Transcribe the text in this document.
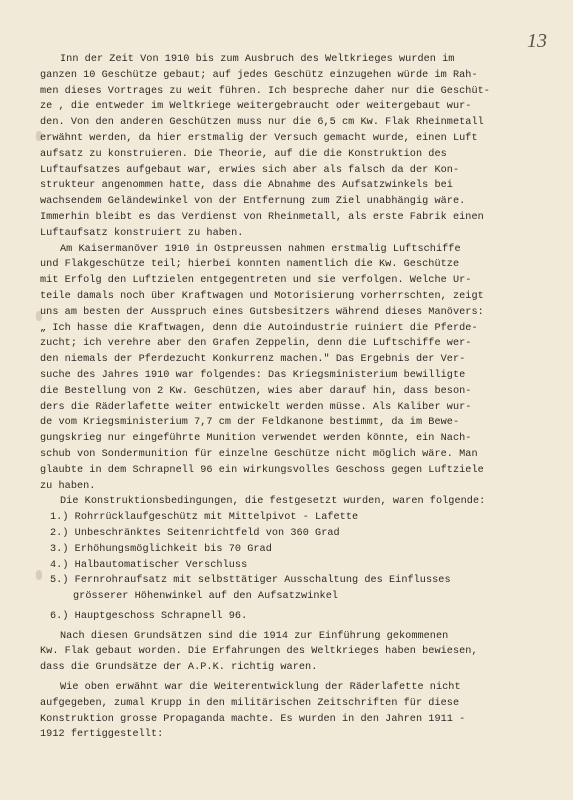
13
Inn der Zeit Von 1910 bis zum Ausbruch des Weltkrieges wurden im
ganzen 10 Geschütze gebaut; auf jedes Geschütz einzugehen würde im Rah-
men dieses Vortrages zu weit führen. Ich bespreche daher nur die Geschüt-
ze , die entweder im Weltkriege weitergebraucht oder weitergebaut wur-
den. Von den anderen Geschützen muss nur die 6,5 cm Kw. Flak Rheinmetall
erwähnt werden, da hier erstmalig der Versuch gemacht wurde, einen Luft
aufsatz zu konstruieren. Die Theorie, auf die die Konstruktion des
Luftaufsatzes aufgebaut war, erwies sich aber als falsch da der Kon-
strukteur angenommen hatte, dass die Abnahme des Aufsatzwinkels bei
wachsendem Geländewinkel von der Entfernung zum Ziel unabhängig wäre.
Immerhin bleibt es das Verdienst von Rheinmetall, als erste Fabrik einen
Luftaufsatz konstruiert zu haben.
Am Kaisermanöver 1910 in Ostpreussen nahmen erstmalig Luftschiffe
und Flakgeschütze teil; hierbei konnten namentlich die Kw. Geschütze
mit Erfolg den Luftzielen entgegentreten und sie verfolgen. Welche Ur-
teile damals noch über Kraftwagen und Motorisierung vorherrschten, zeigt
uns am besten der Ausspruch eines Gutsbesitzers während dieses Manövers:
„ Ich hasse die Kraftwagen, denn die Autoindustrie ruiniert die Pferde-
zucht; ich verehre aber den Grafen Zeppelin, denn die Luftschiffe wer-
den niemals der Pferdezucht Konkurrenz machen." Das Ergebnis der Ver-
suche des Jahres 1910 war folgendes: Das Kriegsministerium bewilligte
die Bestellung von 2 Kw. Geschützen, wies aber darauf hin, dass beson-
ders die Räderlafette weiter entwickelt werden müsse. Als Kaliber wur-
de vom Kriegsministerium 7,7 cm der Feldkanone bestimmt, da im Bewe-
gungskrieg nur eingeführte Munition verwendet werden könnte, ein Nach-
schub von Sondermunition für einzelne Geschütze nicht möglich wäre. Man
glaubte in dem Schrapnell 96 ein wirkungsvolles Geschoss gegen Luftziele
zu haben.
Die Konstruktionsbedingungen, die festgesetzt wurden, waren folgende:
1.) Rohrrücklaufgeschütz mit Mittelpivot - Lafette
2.) Unbeschränktes Seitenrichtfeld von 360 Grad
3.) Erhöhungsmöglichkeit bis 70 Grad
4.) Halbautomatischer Verschluss
5.) Fernrohraufsatz mit selbsttätiger Ausschaltung des Einflusses
grösserer Höhenwinkel auf den Aufsatzwinkel
6.) Hauptgeschoss Schrapnell 96.
Nach diesen Grundsätzen sind die 1914 zur Einführung gekommenen
Kw. Flak gebaut worden. Die Erfahrungen des Weltkrieges haben bewiesen,
dass die Grundsätze der A.P.K. richtig waren.
Wie oben erwähnt war die Weiterentwicklung der Räderlafette nicht
aufgegeben, zumal Krupp in den militärischen Zeitschriften für diese
Konstruktion grosse Propaganda machte. Es wurden in den Jahren 1911 -
1912 fertiggestellt:
